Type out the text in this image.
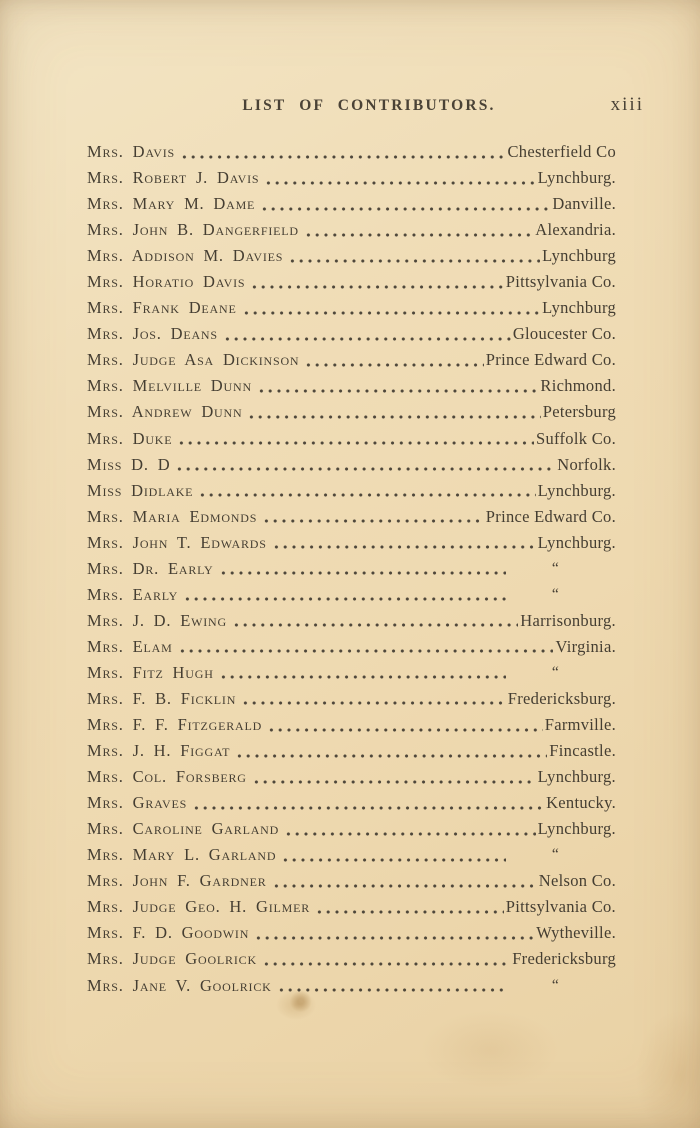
LIST OF CONTRIBUTORS.	xiii
Mrs. Davis	Chesterfield Co
Mrs. Robert J. Davis	Lynchburg.
Mrs. Mary M. Dame	Danville.
Mrs. John B. Dangerfield	Alexandria.
Mrs. Addison M. Davies	Lynchburg
Mrs. Horatio Davis	Pittsylvania Co.
Mrs. Frank Deane	Lynchburg
Mrs. Jos. Deans	Gloucester Co.
Mrs. Judge Asa Dickinson	Prince Edward Co.
Mrs. Melville Dunn	Richmond.
Mrs. Andrew Dunn	Petersburg
Mrs. Duke	Suffolk Co.
Miss D. D	Norfolk.
Miss Didlake	Lynchburg.
Mrs. Maria Edmonds	Prince Edward Co.
Mrs. John T. Edwards	Lynchburg.
Mrs. Dr. Early	“
Mrs. Early	“
Mrs. J. D. Ewing	Harrisonburg.
Mrs. Elam	Virginia.
Mrs. Fitz Hugh	“
Mrs. F. B. Ficklin	Fredericksburg.
Mrs. F. F. Fitzgerald	Farmville.
Mrs. J. H. Figgat	Fincastle.
Mrs. Col. Forsberg	Lynchburg.
Mrs. Graves	Kentucky.
Mrs. Caroline Garland	Lynchburg.
Mrs. Mary L. Garland	“
Mrs. John F. Gardner	Nelson Co.
Mrs. Judge Geo. H. Gilmer	Pittsylvania Co.
Mrs. F. D. Goodwin	Wytheville.
Mrs. Judge Goolrick	Fredericksburg
Mrs. Jane V. Goolrick	“
